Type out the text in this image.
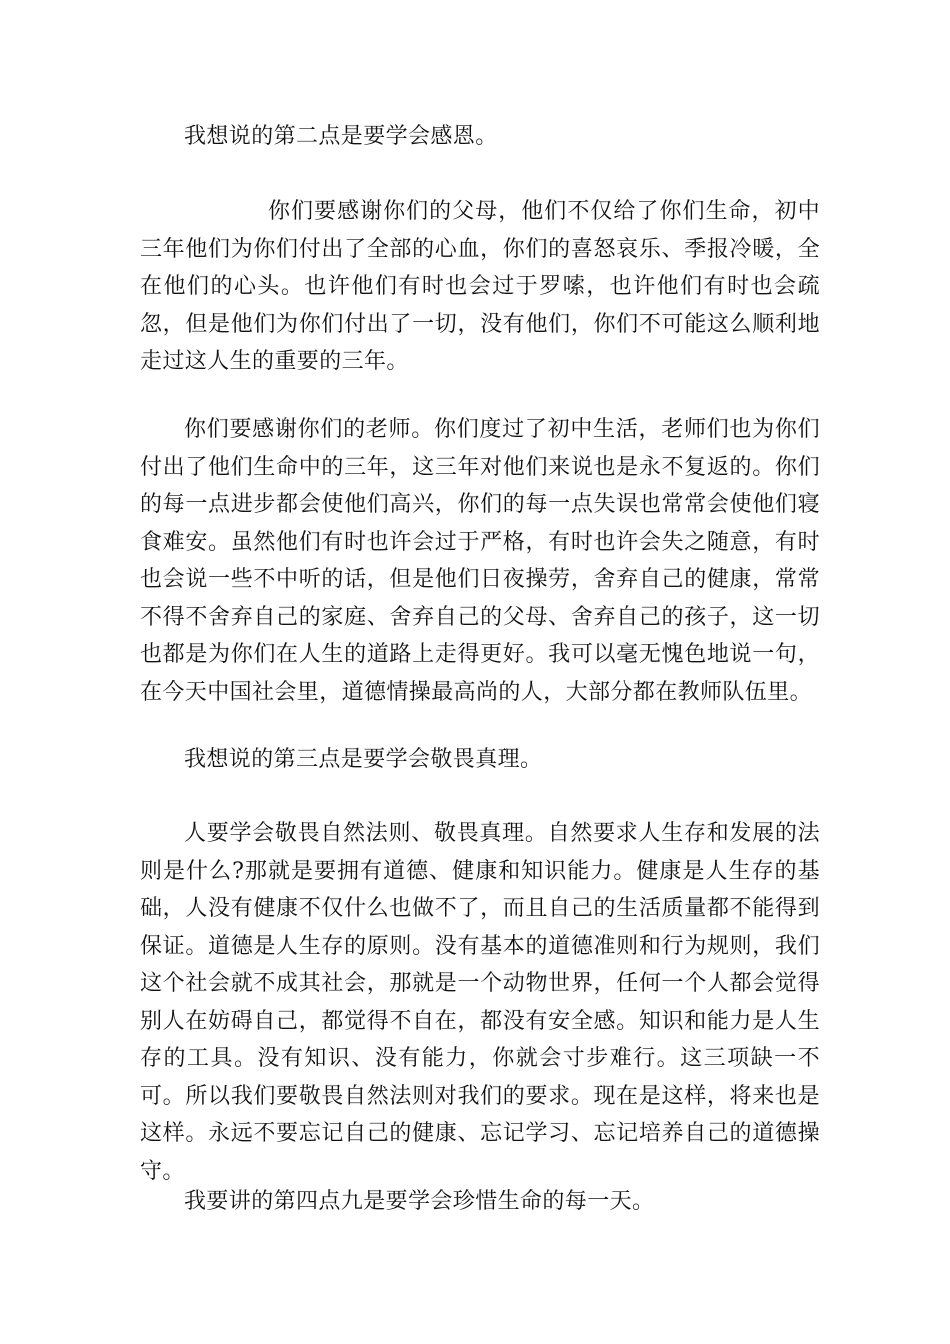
我想说的第二点是要学会感恩。

你们要感谢你们的父母，他们不仅给了你们生命，初中三年他们为你们付出了全部的心血，你们的喜怒哀乐、季报冷暖，全在他们的心头。也许他们有时也会过于罗嗦，也许他们有时也会疏忽，但是他们为你们付出了一切，没有他们，你们不可能这么顺利地走过这人生的重要的三年。

你们要感谢你们的老师。你们度过了初中生活，老师们也为你们付出了他们生命中的三年，这三年对他们来说也是永不复返的。你们的每一点进步都会使他们高兴，你们的每一点失误也常常会使他们寝食难安。虽然他们有时也许会过于严格，有时也许会失之随意，有时也会说一些不中听的话，但是他们日夜操劳，舍弃自己的健康，常常不得不舍弃自己的家庭、舍弃自己的父母、舍弃自己的孩子，这一切也都是为你们在人生的道路上走得更好。我可以毫无愧色地说一句，在今天中国社会里，道德情操最高尚的人，大部分都在教师队伍里。

我想说的第三点是要学会敬畏真理。

人要学会敬畏自然法则、敬畏真理。自然要求人生存和发展的法则是什么?那就是要拥有道德、健康和知识能力。健康是人生存的基础，人没有健康不仅什么也做不了，而且自己的生活质量都不能得到保证。道德是人生存的原则。没有基本的道德准则和行为规则，我们这个社会就不成其社会，那就是一个动物世界，任何一个人都会觉得别人在妨碍自己，都觉得不自在，都没有安全感。知识和能力是人生存的工具。没有知识、没有能力，你就会寸步难行。这三项缺一不可。所以我们要敬畏自然法则对我们的要求。现在是这样，将来也是这样。永远不要忘记自己的健康、忘记学习、忘记培养自己的道德操守。

我要讲的第四点九是要学会珍惜生命的每一天。
